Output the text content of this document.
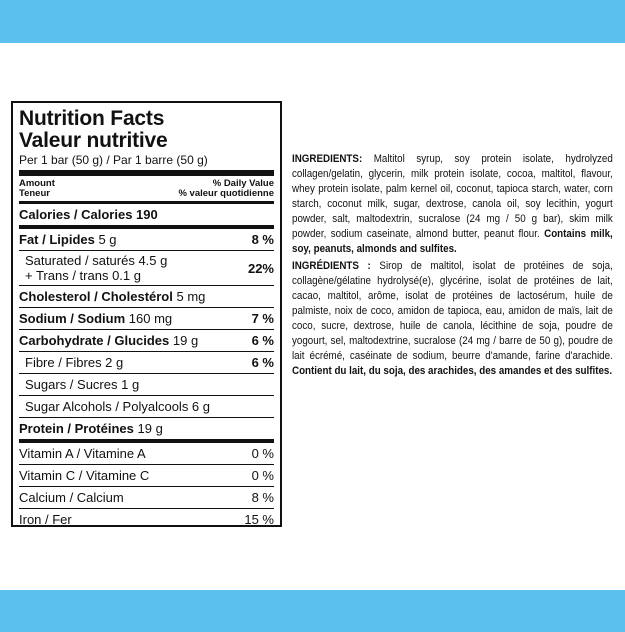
Nutrition Facts
Valeur nutritive
Per 1 bar (50 g) / Par 1 barre (50 g)
Amount
Teneur
% Daily Value
% valeur quotidienne
Calories / Calories 190
Fat / Lipides 5 g	8 %
Saturated / saturés 4.5 g
+ Trans / trans 0.1 g	22%
Cholesterol / Cholestérol 5 mg
Sodium / Sodium 160 mg	7 %
Carbohydrate / Glucides 19 g	6 %
Fibre / Fibres 2 g	6 %
Sugars / Sucres 1 g
Sugar Alcohols / Polyalcools 6 g
Protein / Protéines 19 g
Vitamin A / Vitamine A	0 %
Vitamin C / Vitamine C	0 %
Calcium / Calcium	8 %
Iron / Fer	15 %

INGREDIENTS: Maltitol syrup, soy protein isolate, hydrolyzed collagen/gelatin, glycerin, milk protein isolate, cocoa, maltitol, flavour, whey protein isolate, palm kernel oil, coconut, tapioca starch, water, corn starch, coconut milk, sugar, dextrose, canola oil, soy lecithin, yogurt powder, salt, maltodextrin, sucralose (24 mg / 50 g bar), skim milk powder, sodium caseinate, almond butter, peanut flour. Contains milk, soy, peanuts, almonds and sulfites.

INGRÉDIENTS : Sirop de maltitol, isolat de protéines de soja, collagène/gélatine hydrolysé(e), glycérine, isolat de protéines de lait, cacao, maltitol, arôme, isolat de protéines de lactosérum, huile de palmiste, noix de coco, amidon de tapioca, eau, amidon de maïs, lait de coco, sucre, dextrose, huile de canola, lécithine de soja, poudre de yogourt, sel, maltodextrine, sucralose (24 mg / barre de 50 g), poudre de lait écrémé, caséinate de sodium, beurre d'amande, farine d'arachide. Contient du lait, du soja, des arachides, des amandes et des sulfites.
